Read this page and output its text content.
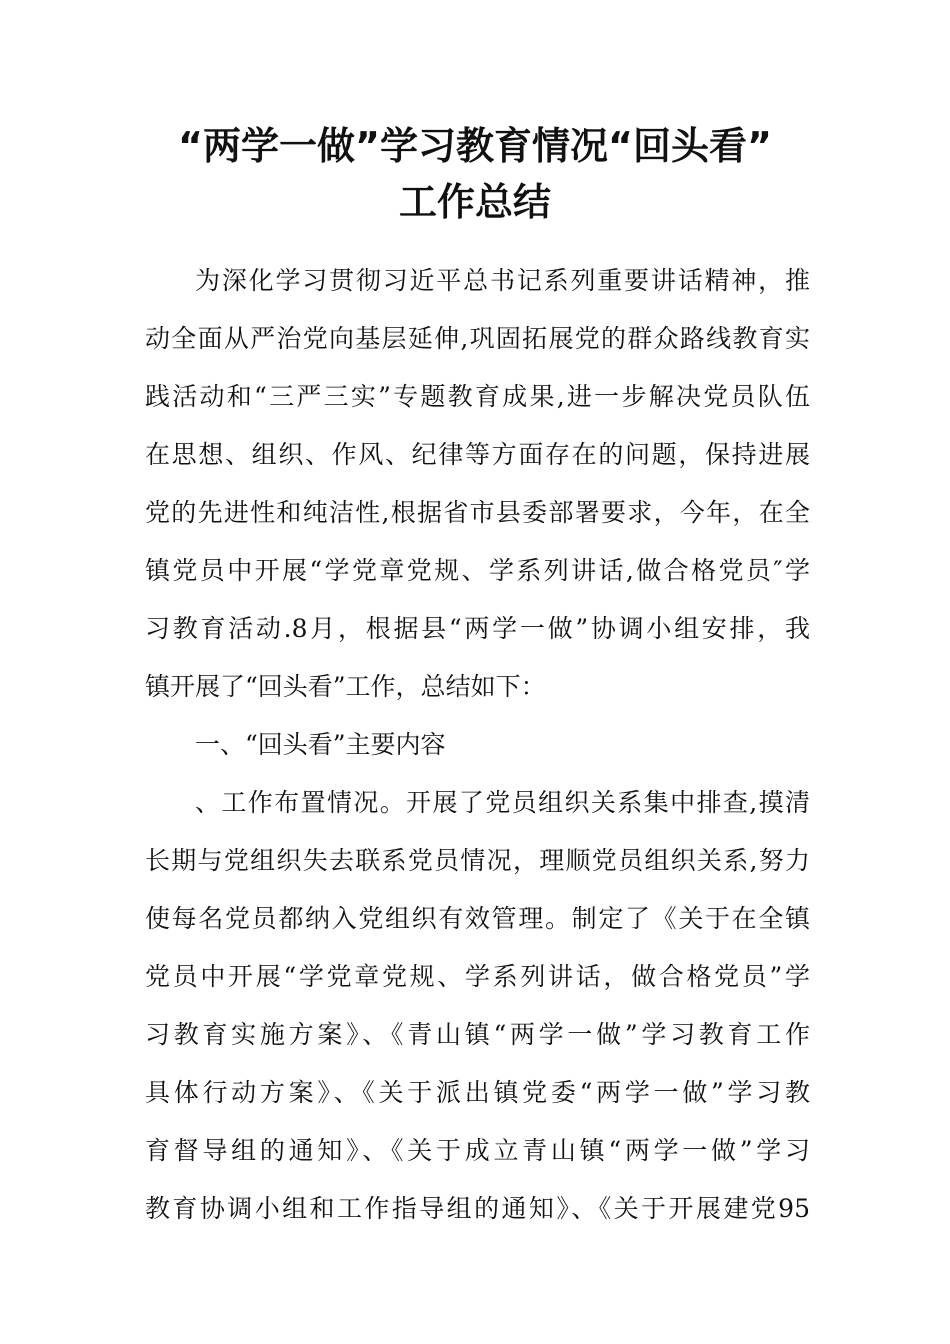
“两学一做”学习教育情况“回头看”
工作总结
为深化学习贯彻习近平总书记系列重要讲话精神，推
动全面从严治党向基层延伸,巩固拓展党的群众路线教育实
践活动和“三严三实”专题教育成果,进一步解决党员队伍
在思想、组织、作风、纪律等方面存在的问题，保持进展
党的先进性和纯洁性,根据省市县委部署要求，今年，在全
镇党员中开展“学党章党规、学系列讲话,做合格党员″学
习教育活动.8月，根据县“两学一做”协调小组安排，我
镇开展了“回头看”工作，总结如下：
一、“回头看”主要内容
、工作布置情况。开展了党员组织关系集中排查,摸清
长期与党组织失去联系党员情况，理顺党员组织关系,努力
使每名党员都纳入党组织有效管理。制定了《关于在全镇
党员中开展“学党章党规、学系列讲话，做合格党员”学
习教育实施方案》、《青山镇“两学一做”学习教育工作
具体行动方案》、《关于派出镇党委“两学一做”学习教
育督导组的通知》、《关于成立青山镇“两学一做”学习
教育协调小组和工作指导组的通知》、《关于开展建党95
